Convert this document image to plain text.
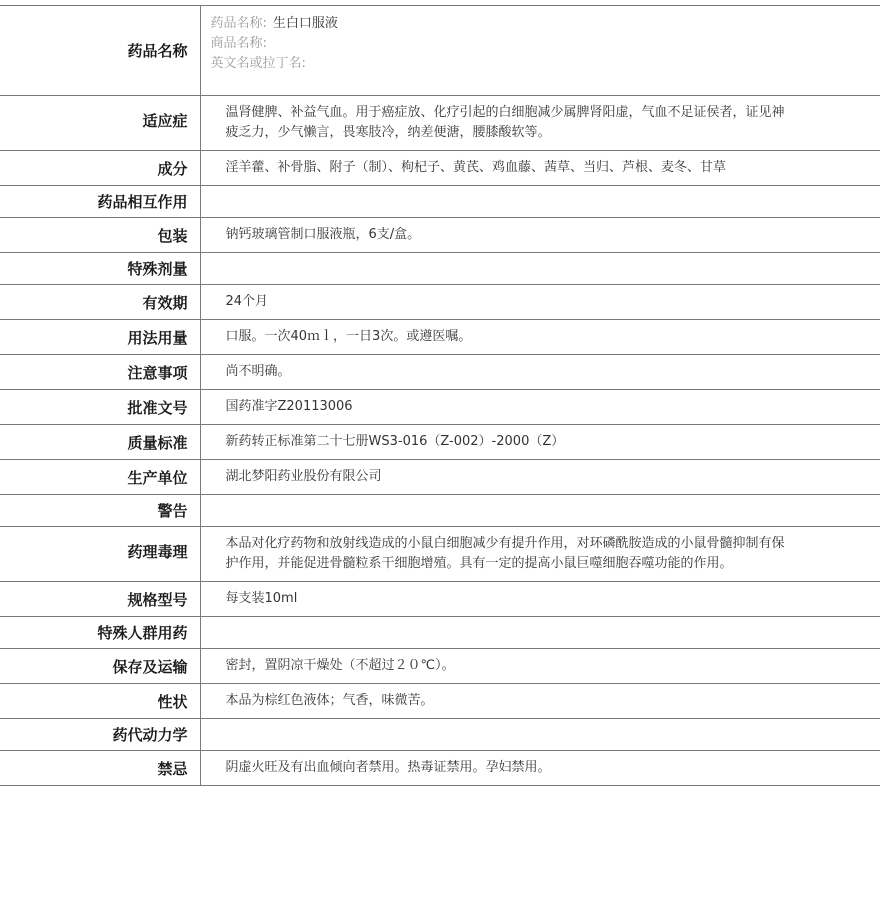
药品名称	药品名称: 生白口服液
商品名称:
英文名或拉丁名:

适应症	温肾健脾、补益气血。用于癌症放、化疗引起的白细胞减少属脾肾阳虚，气血不足证侯者，证见神疲乏力，少气懒言，畏寒肢冷，纳差便溏，腰膝酸软等。
成分	淫羊藿、补骨脂、附子（制）、枸杞子、黄芪、鸡血藤、茜草、当归、芦根、麦冬、甘草
药品相互作用	
包装	钠钙玻璃管制口服液瓶，6支/盒。
特殊剂量	
有效期	24个月
用法用量	口服。一次40ｍｌ，一日3次。或遵医嘱。
注意事项	尚不明确。
批准文号	国药准字Z20113006
质量标准	新药转正标准第二十七册WS3-016（Z-002）-2000（Z）
生产单位	湖北梦阳药业股份有限公司
警告	
药理毒理	本品对化疗药物和放射线造成的小鼠白细胞减少有提升作用，对环磷酰胺造成的小鼠骨髓抑制有保护作用，并能促进骨髓粒系干细胞增殖。具有一定的提高小鼠巨噬细胞吞噬功能的作用。
规格型号	每支装10ml
特殊人群用药	
保存及运输	密封，置阴凉干燥处（不超过２０℃）。
性状	本品为棕红色液体；气香，味微苦。
药代动力学	
禁忌	阴虚火旺及有出血倾向者禁用。热毒证禁用。孕妇禁用。
